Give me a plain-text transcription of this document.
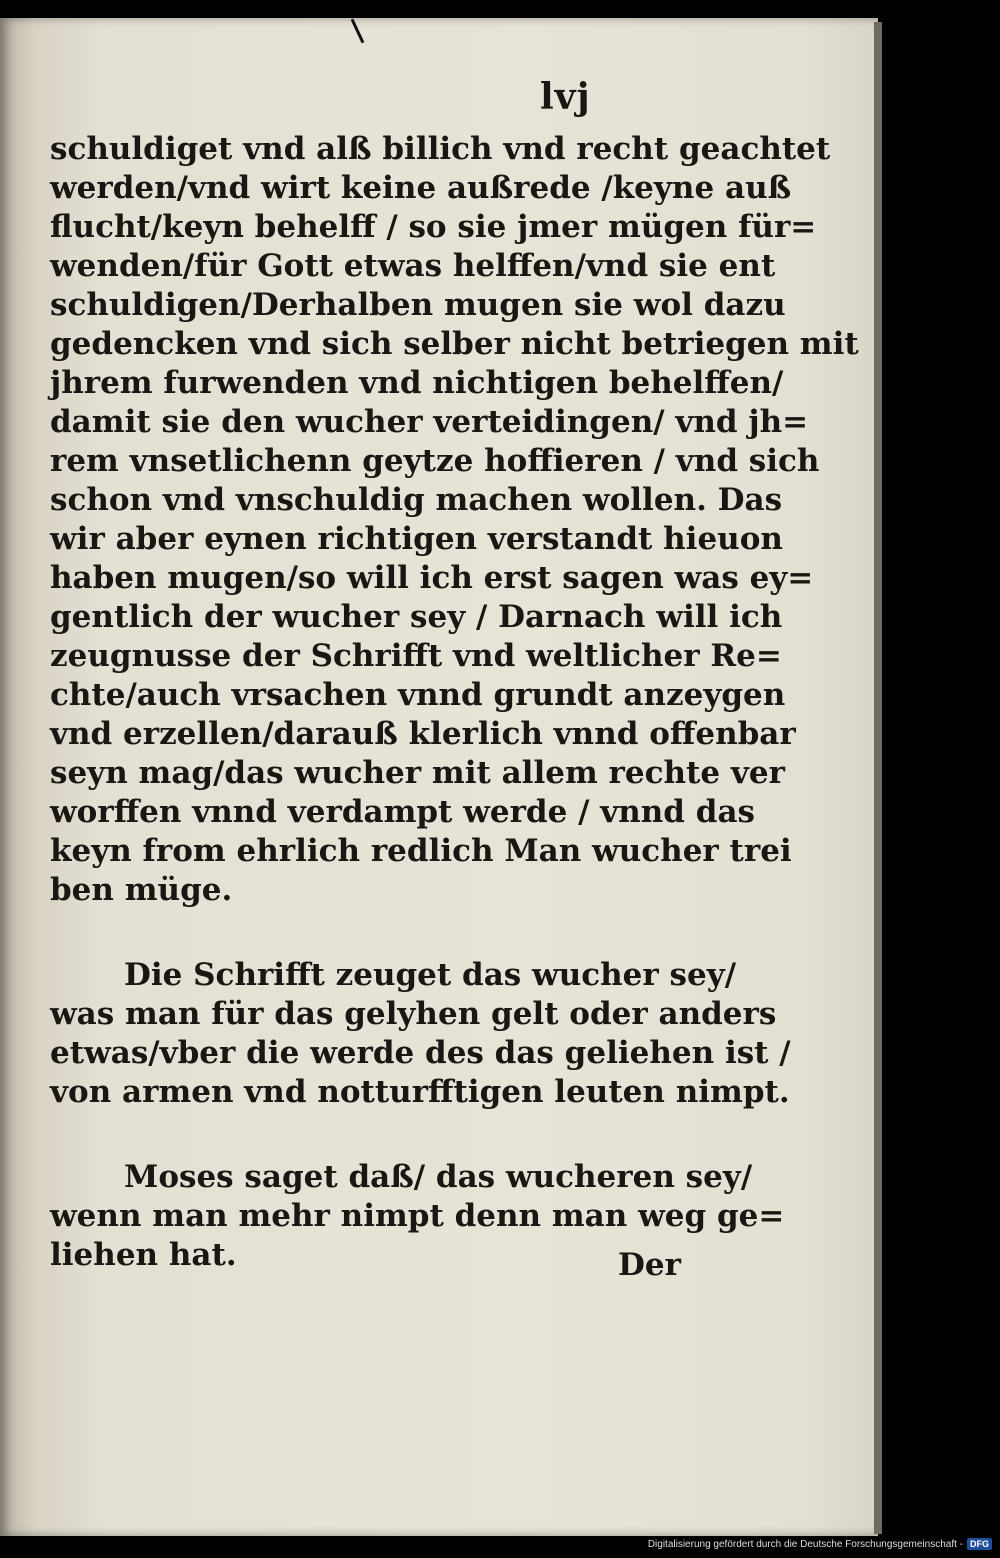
lvj
schuldiget vnd alß billich vnd recht geachtet
werden/vnd wirt keine außrede /keyne auß
flucht/keyn behelff / so sie jmer mügen für=
wenden/für Gott etwas helffen/vnd sie ent
schuldigen/Derhalben mugen sie wol dazu
gedencken vnd sich selber nicht betriegen mit
jhrem furwenden vnd nichtigen behelffen/
damit sie den wucher verteidingen/ vnd jh=
rem vnsetlichenn geytze hoffieren / vnd sich
schon vnd vnschuldig machen wollen. Das
wir aber eynen richtigen verstandt hieuon
haben mugen/so will ich erst sagen was ey=
gentlich der wucher sey / Darnach will ich
zeugnusse der Schrifft vnd weltlicher Re=
chte/auch vrsachen vnnd grundt anzeygen
vnd erzellen/darauß klerlich vnnd offenbar
seyn mag/das wucher mit allem rechte ver
worffen vnnd verdampt werde / vnnd das
keyn from ehrlich redlich Man wucher trei
ben müge.
Die Schrifft zeuget das wucher sey/
was man für das gelyhen gelt oder anders
etwas/vber die werde des das geliehen ist /
von armen vnd notturfftigen leuten nimpt.
Moses saget daß/ das wucheren sey/
wenn man mehr nimpt denn man weg ge=
liehen hat.	Der
Digitalisierung gefördert durch die Deutsche Forschungsgemeinschaft - DFG
